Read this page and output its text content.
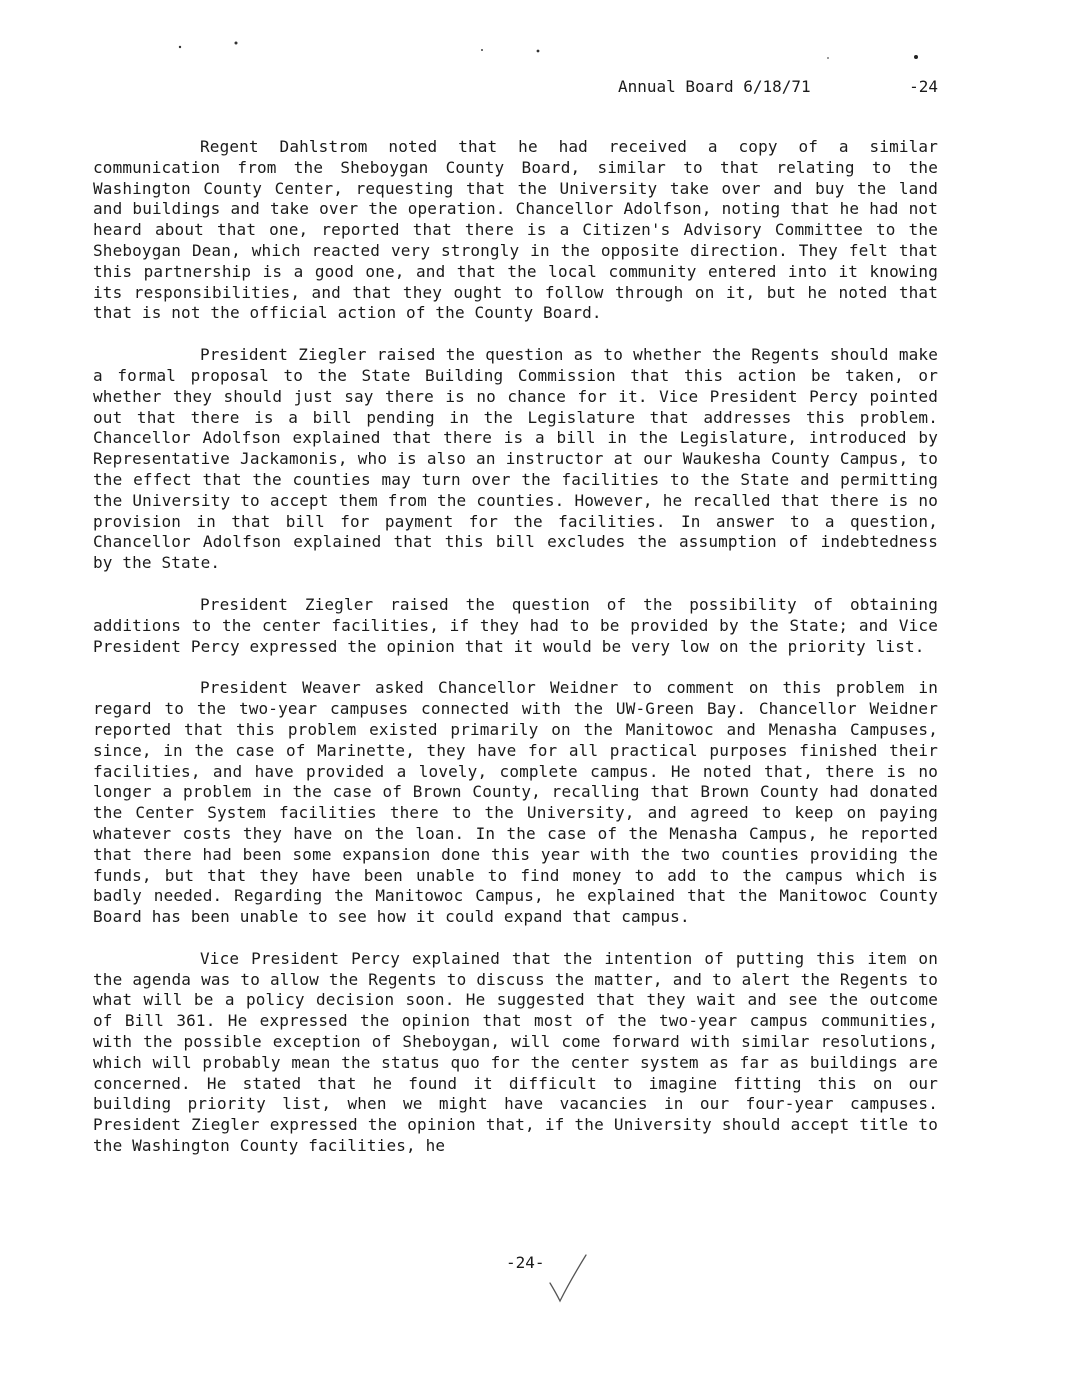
Annual Board 6/18/71	-24

Regent Dahlstrom noted that he had received a copy of a similar communication from the Sheboygan County Board, similar to that relating to the Washington County Center, requesting that the University take over and buy the land and buildings and take over the operation. Chancellor Adolfson, noting that he had not heard about that one, reported that there is a Citizen's Advisory Committee to the Sheboygan Dean, which reacted very strongly in the opposite direction. They felt that this partnership is a good one, and that the local community entered into it knowing its responsibilities, and that they ought to follow through on it, but he noted that that is not the official action of the County Board.

President Ziegler raised the question as to whether the Regents should make a formal proposal to the State Building Commission that this action be taken, or whether they should just say there is no chance for it. Vice President Percy pointed out that there is a bill pending in the Legislature that addresses this problem. Chancellor Adolfson explained that there is a bill in the Legislature, introduced by Representative Jackamonis, who is also an instructor at our Waukesha County Campus, to the effect that the counties may turn over the facilities to the State and permitting the University to accept them from the counties. However, he recalled that there is no provision in that bill for payment for the facilities. In answer to a question, Chancellor Adolfson explained that this bill excludes the assumption of indebtedness by the State.

President Ziegler raised the question of the possibility of obtaining additions to the center facilities, if they had to be provided by the State; and Vice President Percy expressed the opinion that it would be very low on the priority list.

President Weaver asked Chancellor Weidner to comment on this problem in regard to the two-year campuses connected with the UW-Green Bay. Chancellor Weidner reported that this problem existed primarily on the Manitowoc and Menasha Campuses, since, in the case of Marinette, they have for all practical purposes finished their facilities, and have provided a lovely, complete campus. He noted that, there is no longer a problem in the case of Brown County, recalling that Brown County had donated the Center System facilities there to the University, and agreed to keep on paying whatever costs they have on the loan. In the case of the Menasha Campus, he reported that there had been some expansion done this year with the two counties providing the funds, but that they have been unable to find money to add to the campus which is badly needed. Regarding the Manitowoc Campus, he explained that the Manitowoc County Board has been unable to see how it could expand that campus.

Vice President Percy explained that the intention of putting this item on the agenda was to allow the Regents to discuss the matter, and to alert the Regents to what will be a policy decision soon. He suggested that they wait and see the outcome of Bill 361. He expressed the opinion that most of the two-year campus communities, with the possible exception of Sheboygan, will come forward with similar resolutions, which will probably mean the status quo for the center system as far as buildings are concerned. He stated that he found it difficult to imagine fitting this on our building priority list, when we might have vacancies in our four-year campuses. President Ziegler expressed the opinion that, if the University should accept title to the Washington County facilities, he

-24-
